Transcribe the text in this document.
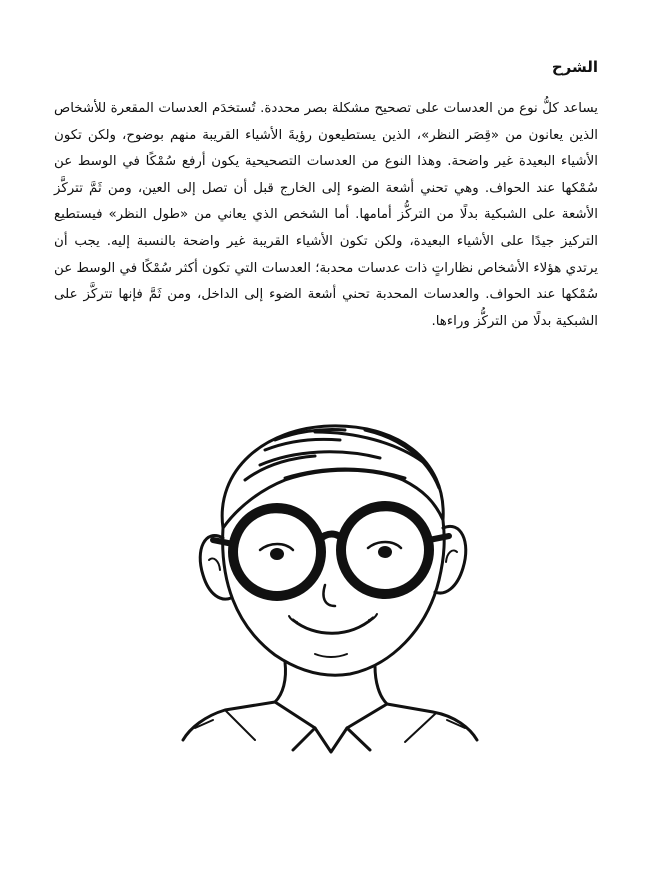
الشرح

يساعد كلُّ نوع من العدسات على تصحيح مشكلة بصر محددة. تُستخدَم العدسات المقعرة للأشخاص الذين يعانون من «قِصَر النظر»، الذين يستطيعون رؤيةَ الأشياء القريبة منهم بوضوح، ولكن تكون الأشياء البعيدة غير واضحة. وهذا النوع من العدسات التصحيحية يكون أرفع سُمْكًا في الوسط عن سُمْكها عند الحواف. وهي تحني أشعة الضوء إلى الخارج قبل أن تصل إلى العين، ومن ثَمَّ تتركَّز الأشعة على الشبكية بدلًا من التركُّز أمامها. أما الشخص الذي يعاني من «طول النظر» فيستطيع التركيز جيدًا على الأشياء البعيدة، ولكن تكون الأشياء القريبة غير واضحة بالنسبة إليه. يجب أن يرتدي هؤلاء الأشخاص نظاراتٍ ذات عدسات محدبة؛ العدسات التي تكون أكثر سُمْكًا في الوسط عن سُمْكها عند الحواف. والعدسات المحدبة تحني أشعة الضوء إلى الداخل، ومن ثَمَّ فإنها تتركَّز على الشبكية بدلًا من التركُّز وراءها.
